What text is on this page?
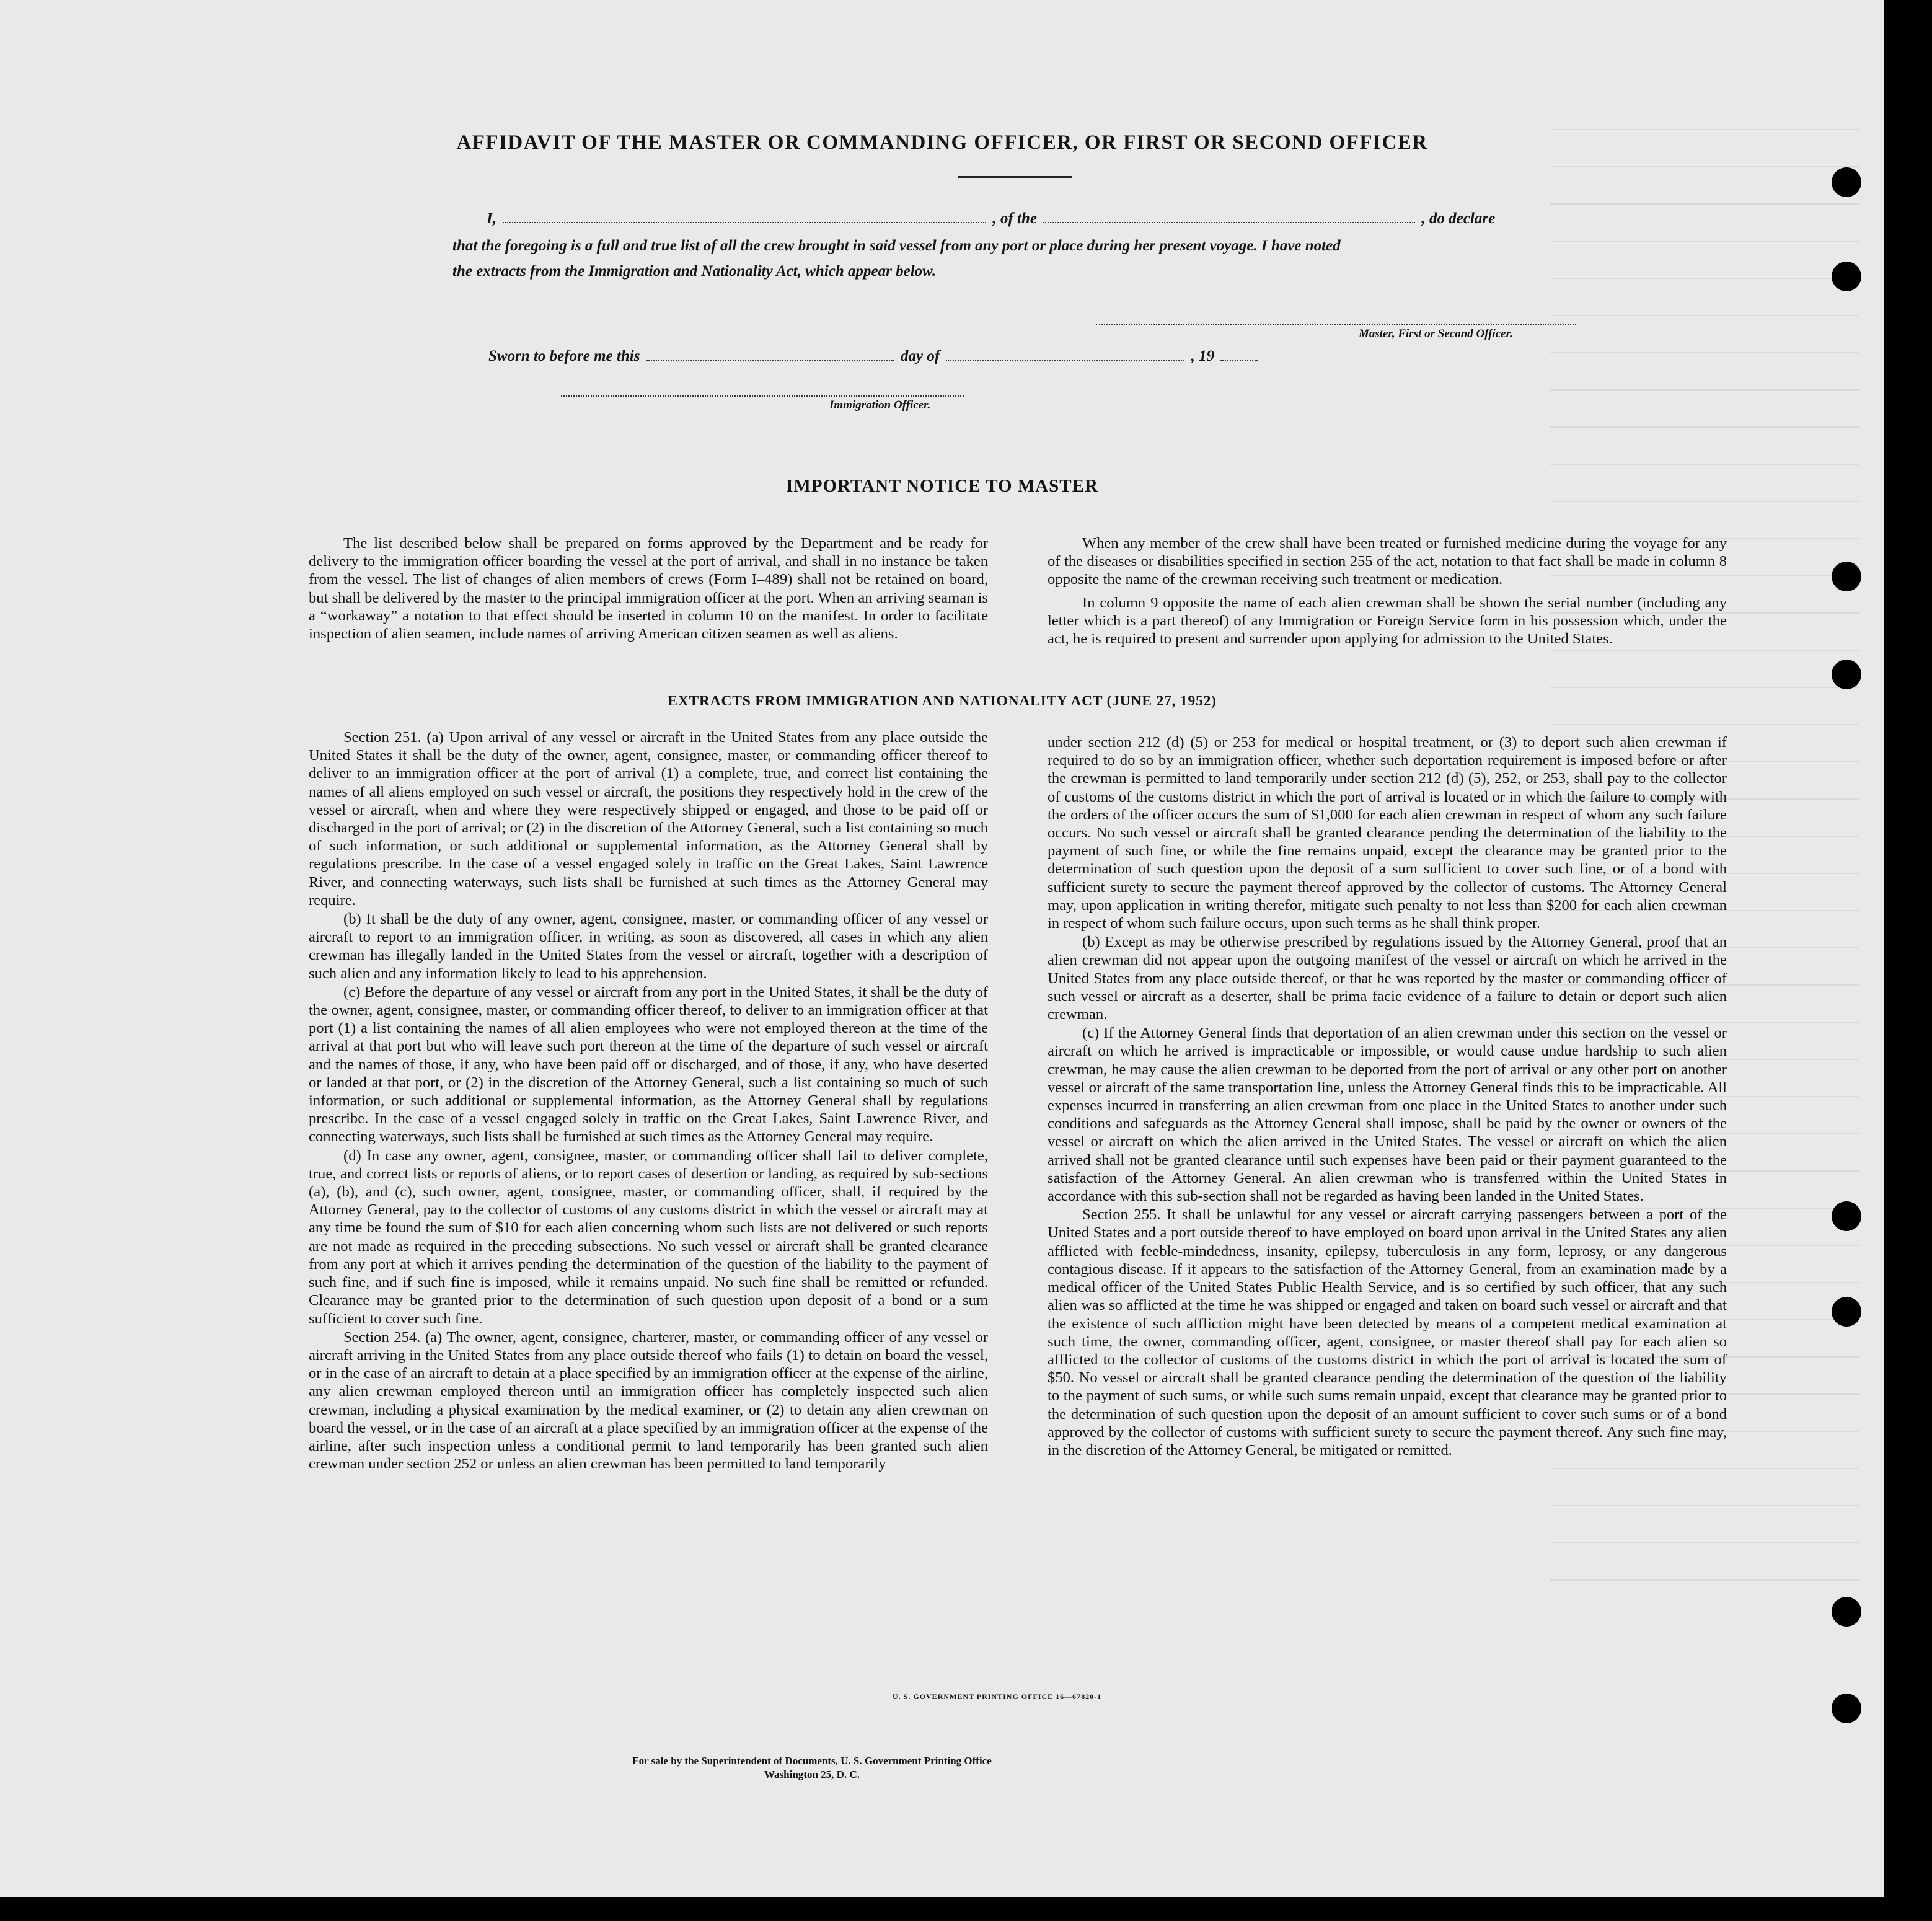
AFFIDAVIT OF THE MASTER OR COMMANDING OFFICER, OR FIRST OR SECOND OFFICER
I,	, of the	, do declare
that the foregoing is a full and true list of all the crew brought in said vessel from any port or place during her present voyage. I have noted
the extracts from the Immigration and Nationality Act, which appear below.
Master, First or Second Officer.
Sworn to before me this	day of	, 19
Immigration Officer.
IMPORTANT NOTICE TO MASTER

The list described below shall be prepared on forms approved by the Department and be ready for delivery to the immigration officer boarding the vessel at the port of arrival, and shall in no instance be taken from the vessel. The list of changes of alien members of crews (Form I–489) shall not be retained on board, but shall be delivered by the master to the principal immigration officer at the port. When an arriving seaman is a “workaway” a notation to that effect should be inserted in column 10 on the manifest. In order to facilitate inspection of alien seamen, include names of arriving American citizen seamen as well as aliens.

When any member of the crew shall have been treated or furnished medicine during the voyage for any of the diseases or disabilities specified in section 255 of the act, notation to that fact shall be made in column 8 opposite the name of the crewman receiving such treatment or medication.

In column 9 opposite the name of each alien crewman shall be shown the serial number (including any letter which is a part thereof) of any Immigration or Foreign Service form in his possession which, under the act, he is required to present and surrender upon applying for admission to the United States.

EXTRACTS FROM IMMIGRATION AND NATIONALITY ACT (JUNE 27, 1952)

Section 251. (a) Upon arrival of any vessel or aircraft in the United States from any place outside the United States it shall be the duty of the owner, agent, consignee, master, or commanding officer thereof to deliver to an immigration officer at the port of arrival (1) a complete, true, and correct list containing the names of all aliens employed on such vessel or aircraft, the positions they respectively hold in the crew of the vessel or aircraft, when and where they were respectively shipped or engaged, and those to be paid off or discharged in the port of arrival; or (2) in the discretion of the Attorney General, such a list containing so much of such information, or such additional or supplemental information, as the Attorney General shall by regulations prescribe. In the case of a vessel engaged solely in traffic on the Great Lakes, Saint Lawrence River, and connecting waterways, such lists shall be furnished at such times as the Attorney General may require.

(b) It shall be the duty of any owner, agent, consignee, master, or commanding officer of any vessel or aircraft to report to an immigration officer, in writing, as soon as discovered, all cases in which any alien crewman has illegally landed in the United States from the vessel or aircraft, together with a description of such alien and any information likely to lead to his apprehension.

(c) Before the departure of any vessel or aircraft from any port in the United States, it shall be the duty of the owner, agent, consignee, master, or commanding officer thereof, to deliver to an immigration officer at that port (1) a list containing the names of all alien employees who were not employed thereon at the time of the arrival at that port but who will leave such port thereon at the time of the departure of such vessel or aircraft and the names of those, if any, who have been paid off or discharged, and of those, if any, who have deserted or landed at that port, or (2) in the discretion of the Attorney General, such a list containing so much of such information, or such additional or supplemental information, as the Attorney General shall by regulations prescribe. In the case of a vessel engaged solely in traffic on the Great Lakes, Saint Lawrence River, and connecting waterways, such lists shall be furnished at such times as the Attorney General may require.

(d) In case any owner, agent, consignee, master, or commanding officer shall fail to deliver complete, true, and correct lists or reports of aliens, or to report cases of desertion or landing, as required by sub-sections (a), (b), and (c), such owner, agent, consignee, master, or commanding officer, shall, if required by the Attorney General, pay to the collector of customs of any customs district in which the vessel or aircraft may at any time be found the sum of $10 for each alien concerning whom such lists are not delivered or such reports are not made as required in the preceding subsections. No such vessel or aircraft shall be granted clearance from any port at which it arrives pending the determination of the question of the liability to the payment of such fine, and if such fine is imposed, while it remains unpaid. No such fine shall be remitted or refunded. Clearance may be granted prior to the determination of such question upon deposit of a bond or a sum sufficient to cover such fine.

Section 254. (a) The owner, agent, consignee, charterer, master, or commanding officer of any vessel or aircraft arriving in the United States from any place outside thereof who fails (1) to detain on board the vessel, or in the case of an aircraft to detain at a place specified by an immigration officer at the expense of the airline, any alien crewman employed thereon until an immigration officer has completely inspected such alien crewman, including a physical examination by the medical examiner, or (2) to detain any alien crewman on board the vessel, or in the case of an aircraft at a place specified by an immigration officer at the expense of the airline, after such inspection unless a conditional permit to land temporarily has been granted such alien crewman under section 252 or unless an alien crewman has been permitted to land temporarily

under section 212 (d) (5) or 253 for medical or hospital treatment, or (3) to deport such alien crewman if required to do so by an immigration officer, whether such deportation requirement is imposed before or after the crewman is permitted to land temporarily under section 212 (d) (5), 252, or 253, shall pay to the collector of customs of the customs district in which the port of arrival is located or in which the failure to comply with the orders of the officer occurs the sum of $1,000 for each alien crewman in respect of whom any such failure occurs. No such vessel or aircraft shall be granted clearance pending the determination of the liability to the payment of such fine, or while the fine remains unpaid, except the clearance may be granted prior to the determination of such question upon the deposit of a sum sufficient to cover such fine, or of a bond with sufficient surety to secure the payment thereof approved by the collector of customs. The Attorney General may, upon application in writing therefor, mitigate such penalty to not less than $200 for each alien crewman in respect of whom such failure occurs, upon such terms as he shall think proper.

(b) Except as may be otherwise prescribed by regulations issued by the Attorney General, proof that an alien crewman did not appear upon the outgoing manifest of the vessel or aircraft on which he arrived in the United States from any place outside thereof, or that he was reported by the master or commanding officer of such vessel or aircraft as a deserter, shall be prima facie evidence of a failure to detain or deport such alien crewman.

(c) If the Attorney General finds that deportation of an alien crewman under this section on the vessel or aircraft on which he arrived is impracticable or impossible, or would cause undue hardship to such alien crewman, he may cause the alien crewman to be deported from the port of arrival or any other port on another vessel or aircraft of the same transportation line, unless the Attorney General finds this to be impracticable. All expenses incurred in transferring an alien crewman from one place in the United States to another under such conditions and safeguards as the Attorney General shall impose, shall be paid by the owner or owners of the vessel or aircraft on which the alien arrived in the United States. The vessel or aircraft on which the alien arrived shall not be granted clearance until such expenses have been paid or their payment guaranteed to the satisfaction of the Attorney General. An alien crewman who is transferred within the United States in accordance with this sub-section shall not be regarded as having been landed in the United States.

Section 255. It shall be unlawful for any vessel or aircraft carrying passengers between a port of the United States and a port outside thereof to have employed on board upon arrival in the United States any alien afflicted with feeble-mindedness, insanity, epilepsy, tuberculosis in any form, leprosy, or any dangerous contagious disease. If it appears to the satisfaction of the Attorney General, from an examination made by a medical officer of the United States Public Health Service, and is so certified by such officer, that any such alien was so afflicted at the time he was shipped or engaged and taken on board such vessel or aircraft and that the existence of such affliction might have been detected by means of a competent medical examination at such time, the owner, commanding officer, agent, consignee, or master thereof shall pay for each alien so afflicted to the collector of customs of the customs district in which the port of arrival is located the sum of $50. No vessel or aircraft shall be granted clearance pending the determination of the question of the liability to the payment of such sums, or while such sums remain unpaid, except that clearance may be granted prior to the determination of such question upon the deposit of an amount sufficient to cover such sums or of a bond approved by the collector of customs with sufficient surety to secure the payment thereof. Any such fine may, in the discretion of the Attorney General, be mitigated or remitted.

U. S. GOVERNMENT PRINTING OFFICE 16—67820-1
For sale by the Superintendent of Documents, U. S. Government Printing Office
Washington 25, D. C.
